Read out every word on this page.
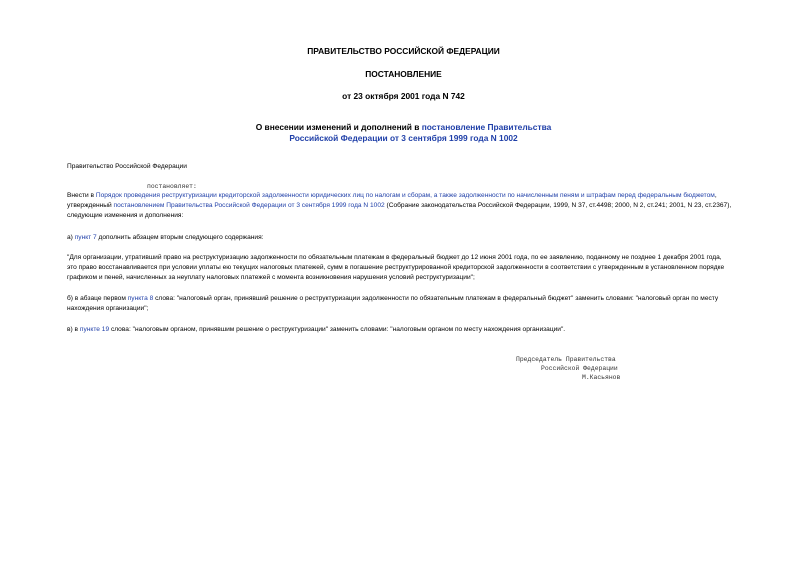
ПРАВИТЕЛЬСТВО РОССИЙСКОЙ ФЕДЕРАЦИИ
ПОСТАНОВЛЕНИЕ
от 23 октября 2001 года N 742
О внесении изменений и дополнений в постановление Правительства
Российской Федерации от 3 сентября 1999 года N 1002
Правительство Российской Федерации
постановляет:
Внести в Порядок проведения реструктуризации кредиторской задолженности юридических лиц по налогам и сборам, а также задолженности по начисленным пеням и штрафам перед федеральным бюджетом,
утвержденный постановлением Правительства Российской Федерации от 3 сентября 1999 года N 1002 (Собрание законодательства Российской Федерации, 1999, N 37, ст.4498; 2000, N 2, ст.241; 2001, N 23, ст.2367),
следующие изменения и дополнения:
а) пункт 7 дополнить абзацем вторым следующего содержания:
"Для организации, утративший право на реструктуризацию задолженности по обязательным платежам в федеральный бюджет до 12 июня 2001 года, по ее заявлению, поданному не позднее 1 декабря 2001 года,
это право восстанавливается при условии уплаты ею текущих налоговых платежей, сумм в погашение реструктурированной кредиторской задолженности в соответствии с утвержденным в установленном порядке
графиком и пеней, начисленных за неуплату налоговых платежей с момента возникновения нарушения условий реструктуризации";
б) в абзаце первом пункта 8 слова: "налоговый орган, принявший решение о реструктуризации задолженности по обязательным платежам в федеральный бюджет" заменить словами: "налоговый орган по месту
нахождения организации";
в) в пункте 19 слова: "налоговым органом, принявшим решение о реструктуризации" заменить словами: "налоговым органом по месту нахождения организации".
Председатель Правительства
Российской Федерации
М.Касьянов
